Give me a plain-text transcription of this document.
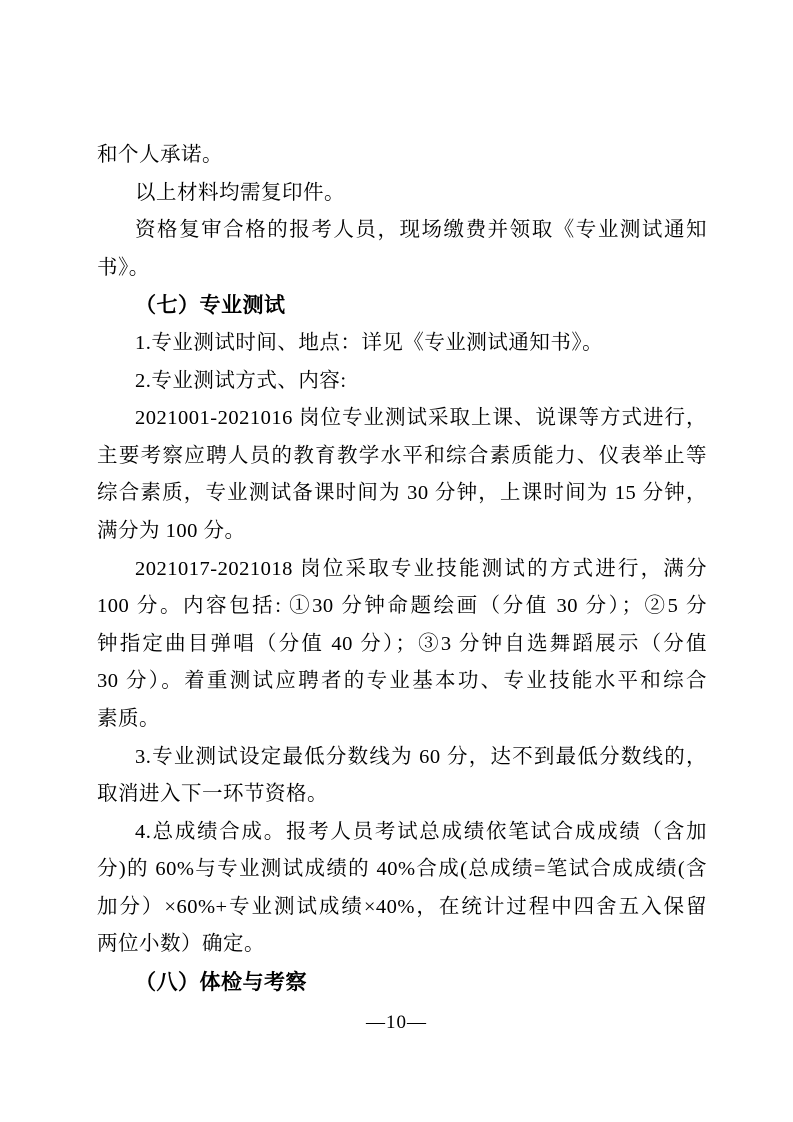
和个人承诺。
以上材料均需复印件。
资格复审合格的报考人员，现场缴费并领取《专业测试通知
书》。
（七）专业测试
1.专业测试时间、地点：详见《专业测试通知书》。
2.专业测试方式、内容:
2021001-2021016 岗位专业测试采取上课、说课等方式进行，
主要考察应聘人员的教育教学水平和综合素质能力、仪表举止等
综合素质，专业测试备课时间为 30 分钟，上课时间为 15 分钟，
满分为 100 分。
2021017-2021018 岗位采取专业技能测试的方式进行，满分
100 分。内容包括: ①30 分钟命题绘画（分值 30 分）；②5 分
钟指定曲目弹唱（分值 40 分）；③3 分钟自选舞蹈展示（分值
30 分）。着重测试应聘者的专业基本功、专业技能水平和综合
素质。
3.专业测试设定最低分数线为 60 分，达不到最低分数线的，
取消进入下一环节资格。
4.总成绩合成。报考人员考试总成绩依笔试合成成绩（含加
分)的 60%与专业测试成绩的 40%合成(总成绩=笔试合成成绩(含
加分）×60%+专业测试成绩×40%，在统计过程中四舍五入保留
两位小数）确定。
（八）体检与考察
—10—
